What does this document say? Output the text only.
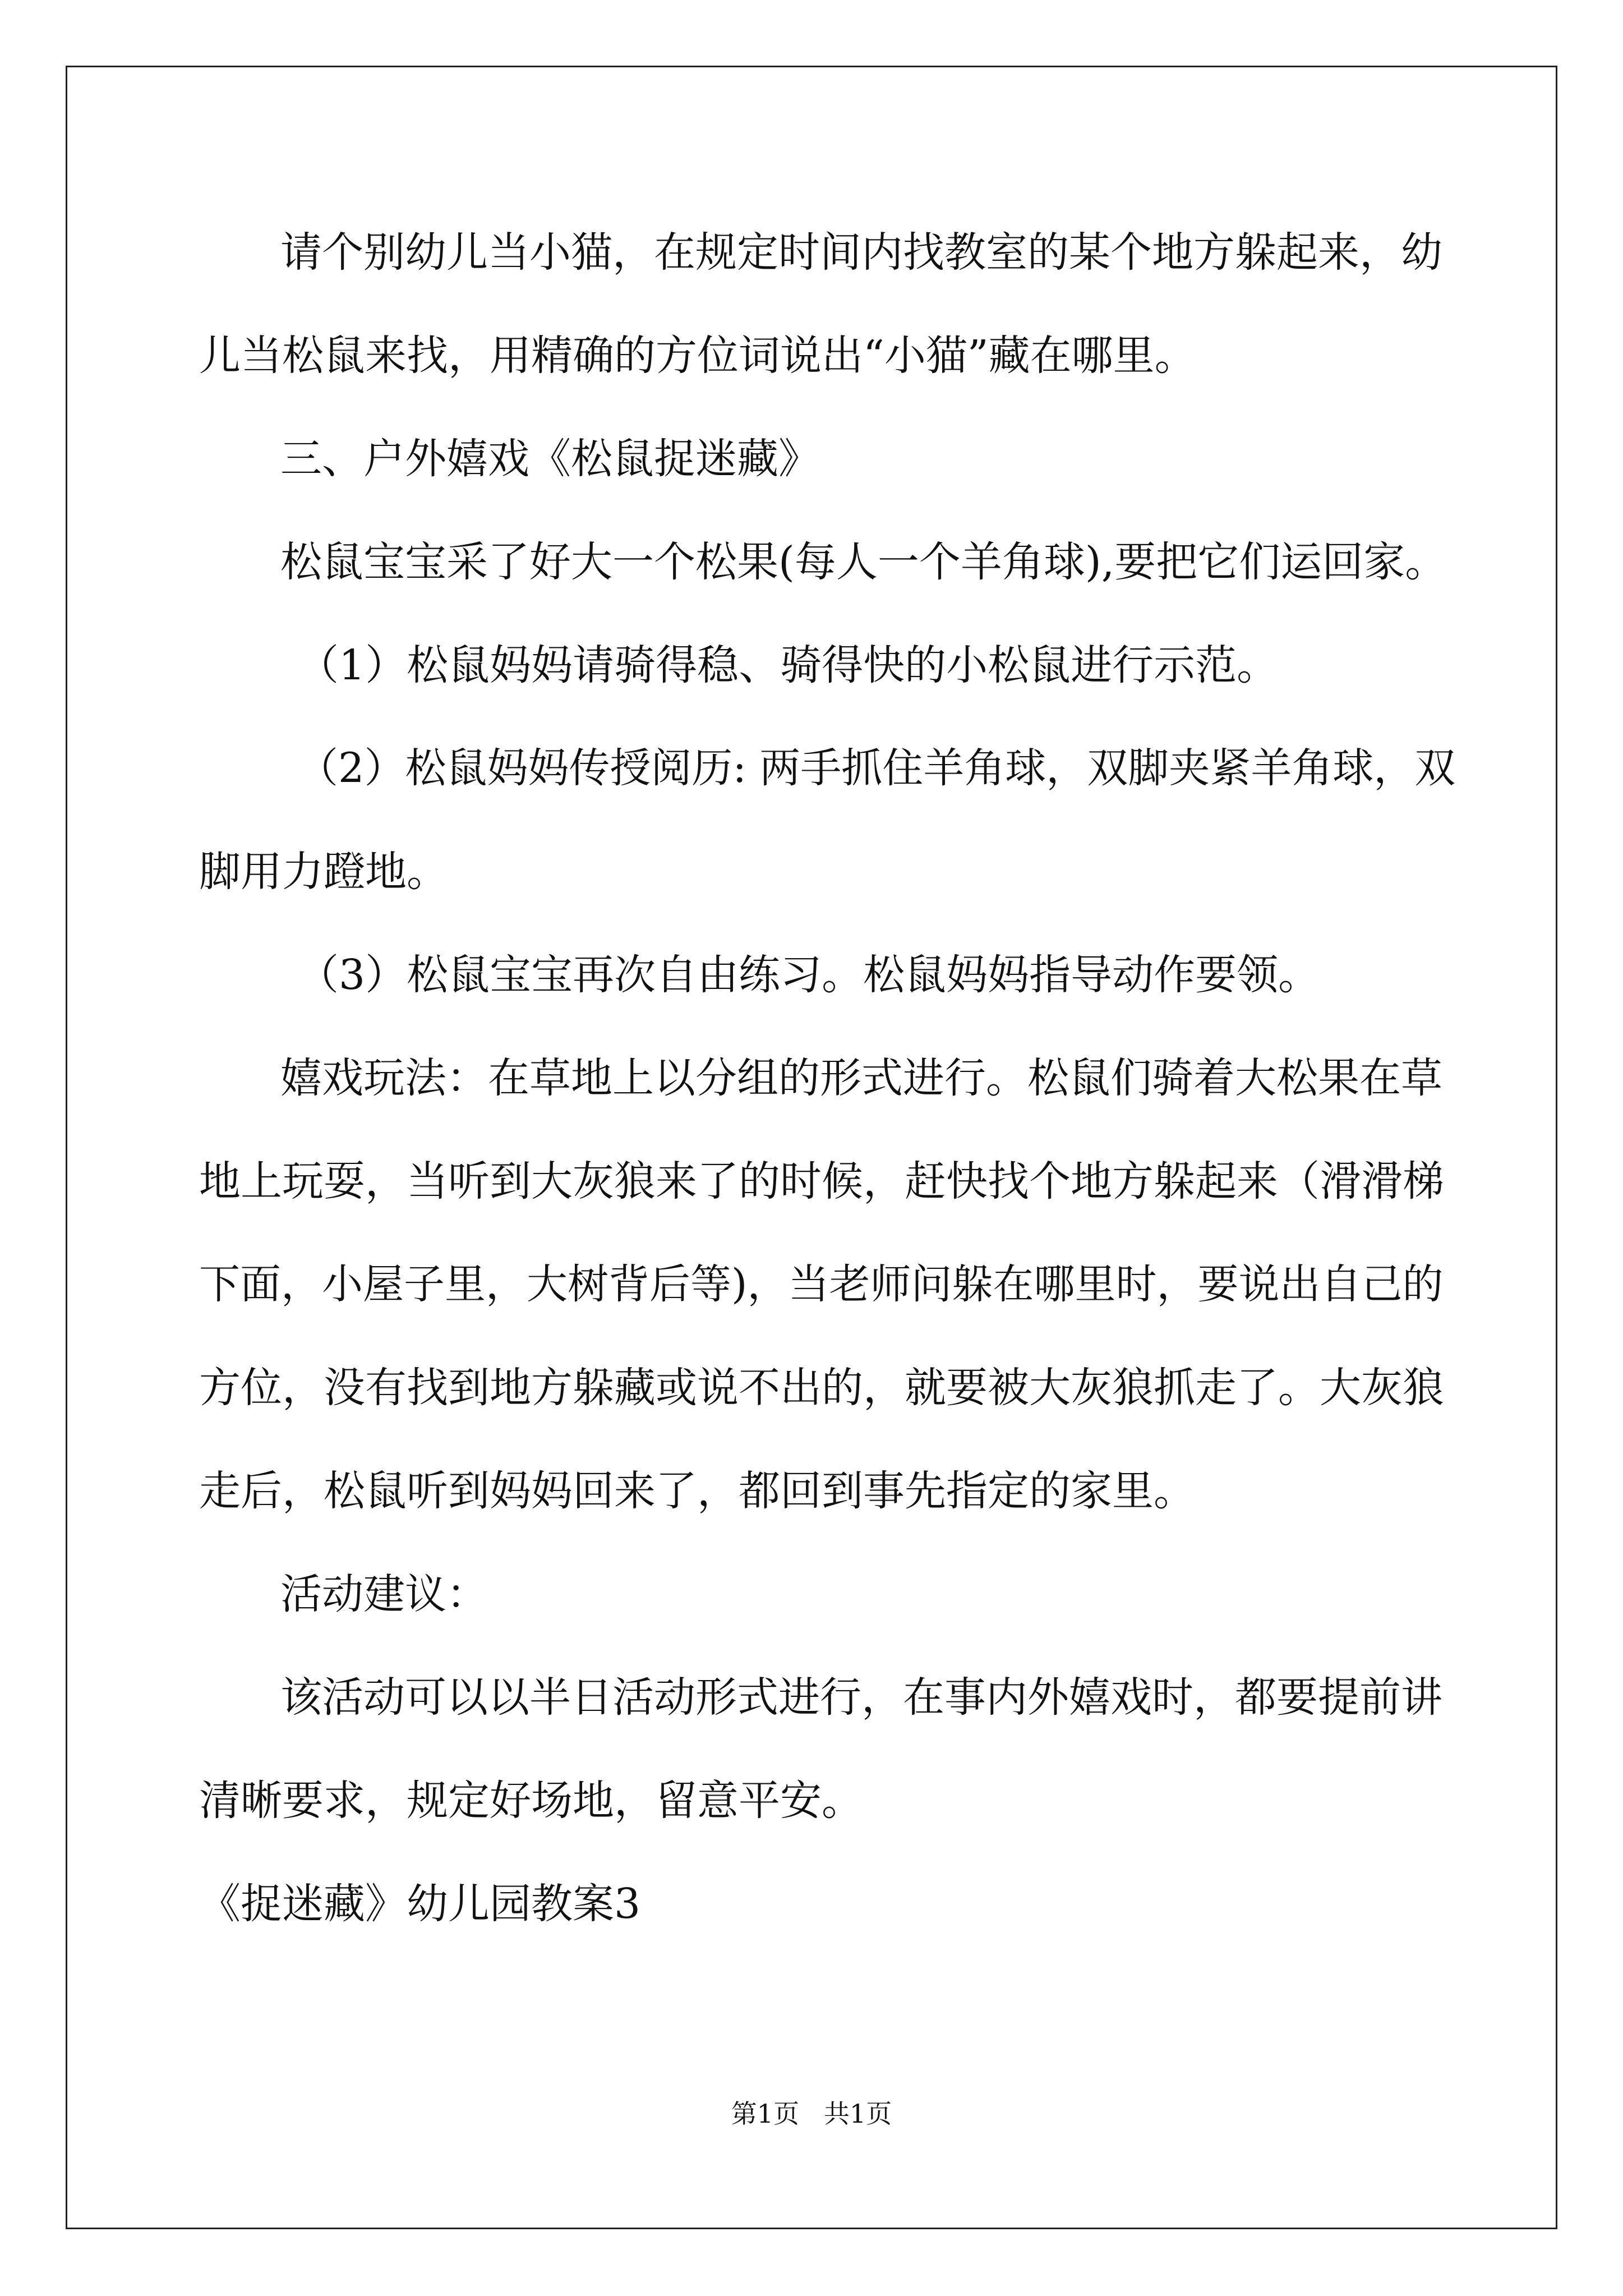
请个别幼儿当小猫，在规定时间内找教室的某个地方躲起来，幼
儿当松鼠来找，用精确的方位词说出“小猫”藏在哪里。
三、户外嬉戏《松鼠捉迷藏》
松鼠宝宝采了好大一个松果(每人一个羊角球),要把它们运回家。
（1）松鼠妈妈请骑得稳、骑得快的小松鼠进行示范。
（2）松鼠妈妈传授阅历: 两手抓住羊角球，双脚夹紧羊角球，双
脚用力蹬地。
（3）松鼠宝宝再次自由练习。松鼠妈妈指导动作要领。
嬉戏玩法：在草地上以分组的形式进行。松鼠们骑着大松果在草
地上玩耍，当听到大灰狼来了的时候，赶快找个地方躲起来（滑滑梯
下面，小屋子里，大树背后等)，当老师问躲在哪里时，要说出自己的
方位，没有找到地方躲藏或说不出的，就要被大灰狼抓走了。大灰狼
走后，松鼠听到妈妈回来了，都回到事先指定的家里。
活动建议：
该活动可以以半日活动形式进行，在事内外嬉戏时，都要提前讲
清晰要求，规定好场地，留意平安。
《捉迷藏》幼儿园教案3
第1页   共1页
